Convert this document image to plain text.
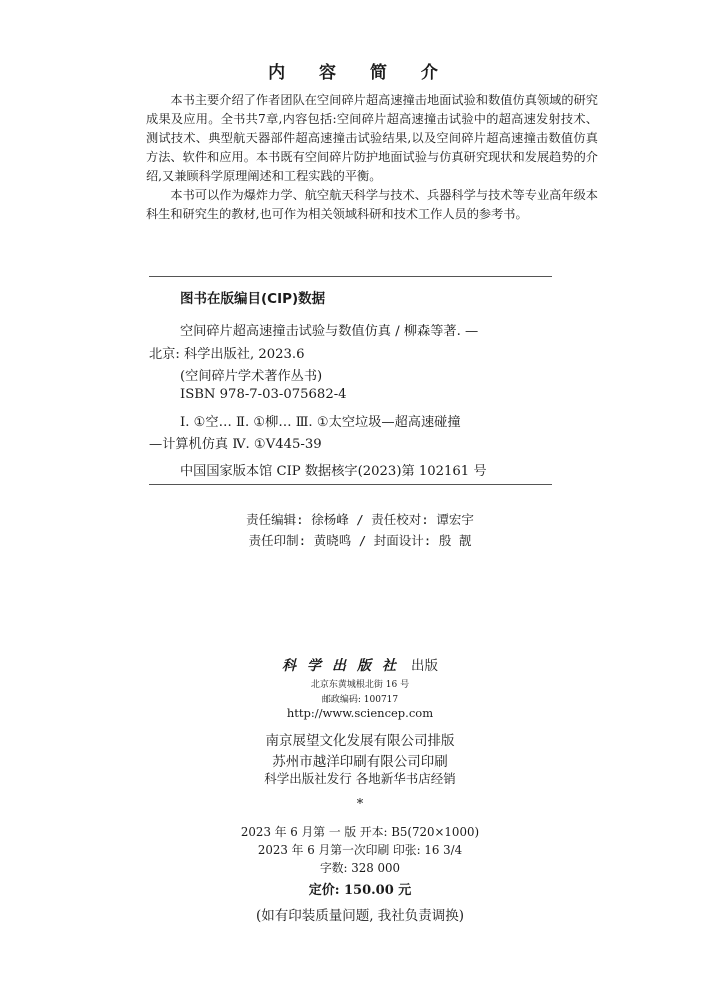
内 容 简 介

本书主要介绍了作者团队在空间碎片超高速撞击地面试验和数值仿真领域的研究成果及应用。全书共7章,内容包括:空间碎片超高速撞击试验中的超高速发射技术、测试技术、典型航天器部件超高速撞击试验结果,以及空间碎片超高速撞击数值仿真方法、软件和应用。本书既有空间碎片防护地面试验与仿真研究现状和发展趋势的介绍,又兼顾科学原理阐述和工程实践的平衡。

本书可以作为爆炸力学、航空航天科学与技术、兵器科学与技术等专业高年级本科生和研究生的教材,也可作为相关领域科研和技术工作人员的参考书。

图书在版编目(CIP)数据
空间碎片超高速撞击试验与数值仿真 / 柳森等著. —
北京: 科学出版社, 2023.6
(空间碎片学术著作丛书)
ISBN 978-7-03-075682-4
Ⅰ. ①空… Ⅱ. ①柳… Ⅲ. ①太空垃圾—超高速碰撞
—计算机仿真 Ⅳ. ①V445-39
中国国家版本馆 CIP 数据核字(2023)第 102161 号
责任编辑: 徐杨峰 / 责任校对: 谭宏宇
责任印制: 黄晓鸣 / 封面设计: 殷 靓
科学出版社 出版
北京东黄城根北街 16 号
邮政编码: 100717
http://www.sciencep.com
南京展望文化发展有限公司排版
苏州市越洋印刷有限公司印刷
科学出版社发行 各地新华书店经销
*
2023 年 6 月第 一 版 开本: B5(720×1000)
2023 年 6 月第一次印刷 印张: 16 3/4
字数: 328 000
定价: 150.00 元
(如有印装质量问题, 我社负责调换)
